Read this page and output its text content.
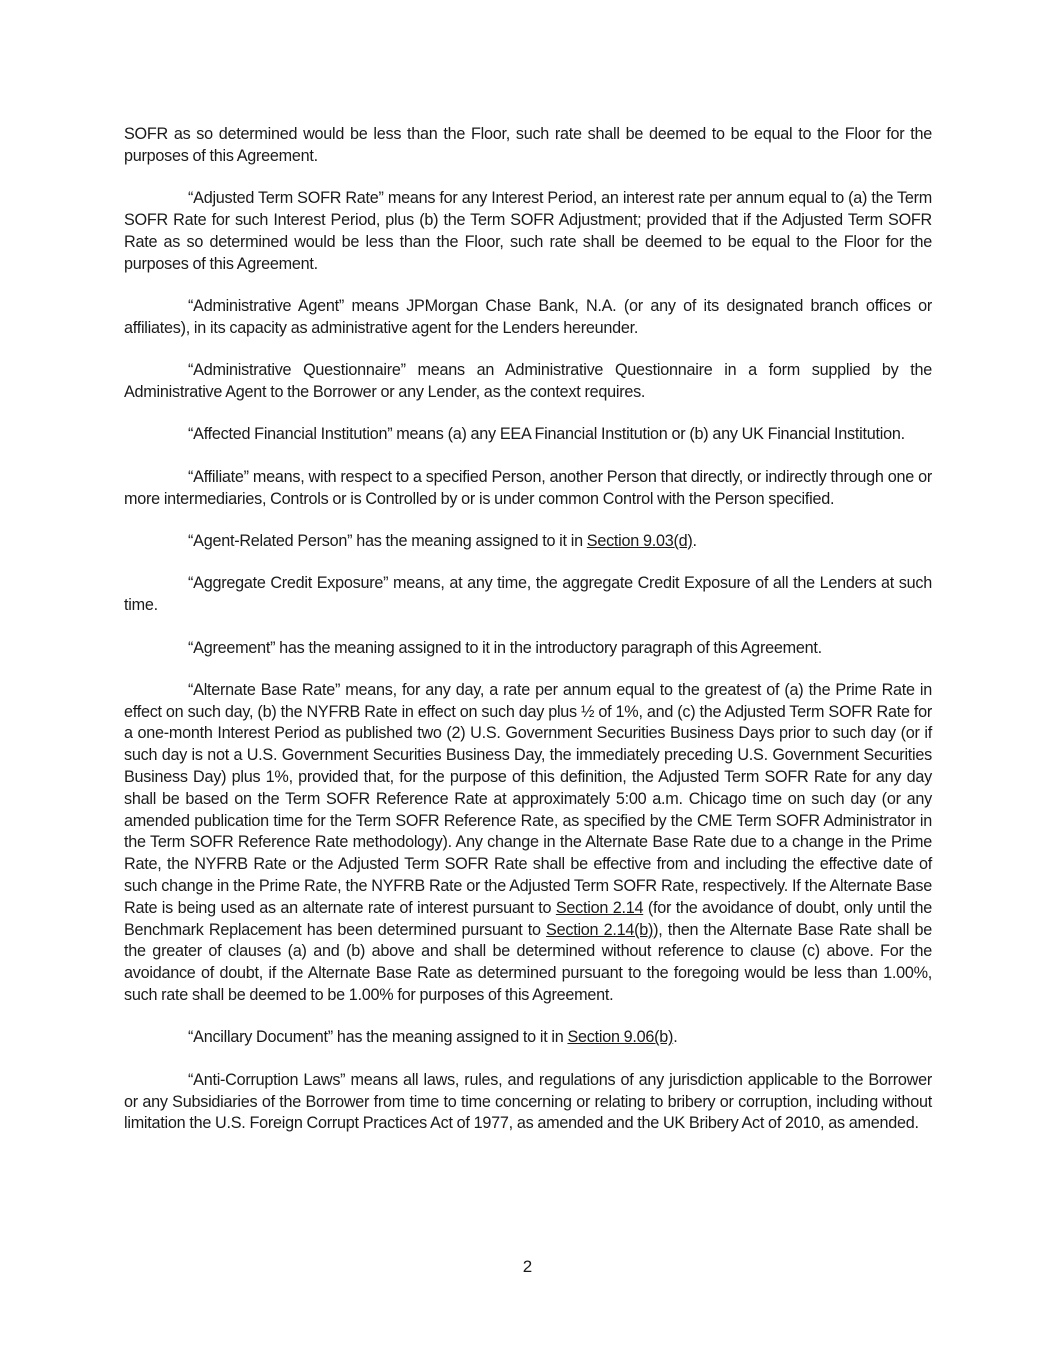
SOFR as so determined would be less than the Floor, such rate shall be deemed to be equal to the Floor for the purposes of this Agreement.

“Adjusted Term SOFR Rate” means for any Interest Period, an interest rate per annum equal to (a) the Term SOFR Rate for such Interest Period, plus (b) the Term SOFR Adjustment; provided that if the Adjusted Term SOFR Rate as so determined would be less than the Floor, such rate shall be deemed to be equal to the Floor for the purposes of this Agreement.

“Administrative Agent” means JPMorgan Chase Bank, N.A. (or any of its designated branch offices or affiliates), in its capacity as administrative agent for the Lenders hereunder.

“Administrative Questionnaire” means an Administrative Questionnaire in a form supplied by the Administrative Agent to the Borrower or any Lender, as the context requires.

“Affected Financial Institution” means (a) any EEA Financial Institution or (b) any UK Financial Institution.

“Affiliate” means, with respect to a specified Person, another Person that directly, or indirectly through one or more intermediaries, Controls or is Controlled by or is under common Control with the Person specified.

“Agent-Related Person” has the meaning assigned to it in Section 9.03(d).

“Aggregate Credit Exposure” means, at any time, the aggregate Credit Exposure of all the Lenders at such time.

“Agreement” has the meaning assigned to it in the introductory paragraph of this Agreement.

“Alternate Base Rate” means, for any day, a rate per annum equal to the greatest of (a) the Prime Rate in effect on such day, (b) the NYFRB Rate in effect on such day plus ½ of 1%, and (c) the Adjusted Term SOFR Rate for a one-month Interest Period as published two (2) U.S. Government Securities Business Days prior to such day (or if such day is not a U.S. Government Securities Business Day, the immediately preceding U.S. Government Securities Business Day) plus 1%, provided that, for the purpose of this definition, the Adjusted Term SOFR Rate for any day shall be based on the Term SOFR Reference Rate at approximately 5:00 a.m. Chicago time on such day (or any amended publication time for the Term SOFR Reference Rate, as specified by the CME Term SOFR Administrator in the Term SOFR Reference Rate methodology). Any change in the Alternate Base Rate due to a change in the Prime Rate, the NYFRB Rate or the Adjusted Term SOFR Rate shall be effective from and including the effective date of such change in the Prime Rate, the NYFRB Rate or the Adjusted Term SOFR Rate, respectively. If the Alternate Base Rate is being used as an alternate rate of interest pursuant to Section 2.14 (for the avoidance of doubt, only until the Benchmark Replacement has been determined pursuant to Section 2.14(b)), then the Alternate Base Rate shall be the greater of clauses (a) and (b) above and shall be determined without reference to clause (c) above. For the avoidance of doubt, if the Alternate Base Rate as determined pursuant to the foregoing would be less than 1.00%, such rate shall be deemed to be 1.00% for purposes of this Agreement.

“Ancillary Document” has the meaning assigned to it in Section 9.06(b).

“Anti-Corruption Laws” means all laws, rules, and regulations of any jurisdiction applicable to the Borrower or any Subsidiaries of the Borrower from time to time concerning or relating to bribery or corruption, including without limitation the U.S. Foreign Corrupt Practices Act of 1977, as amended and the UK Bribery Act of 2010, as amended.

2
